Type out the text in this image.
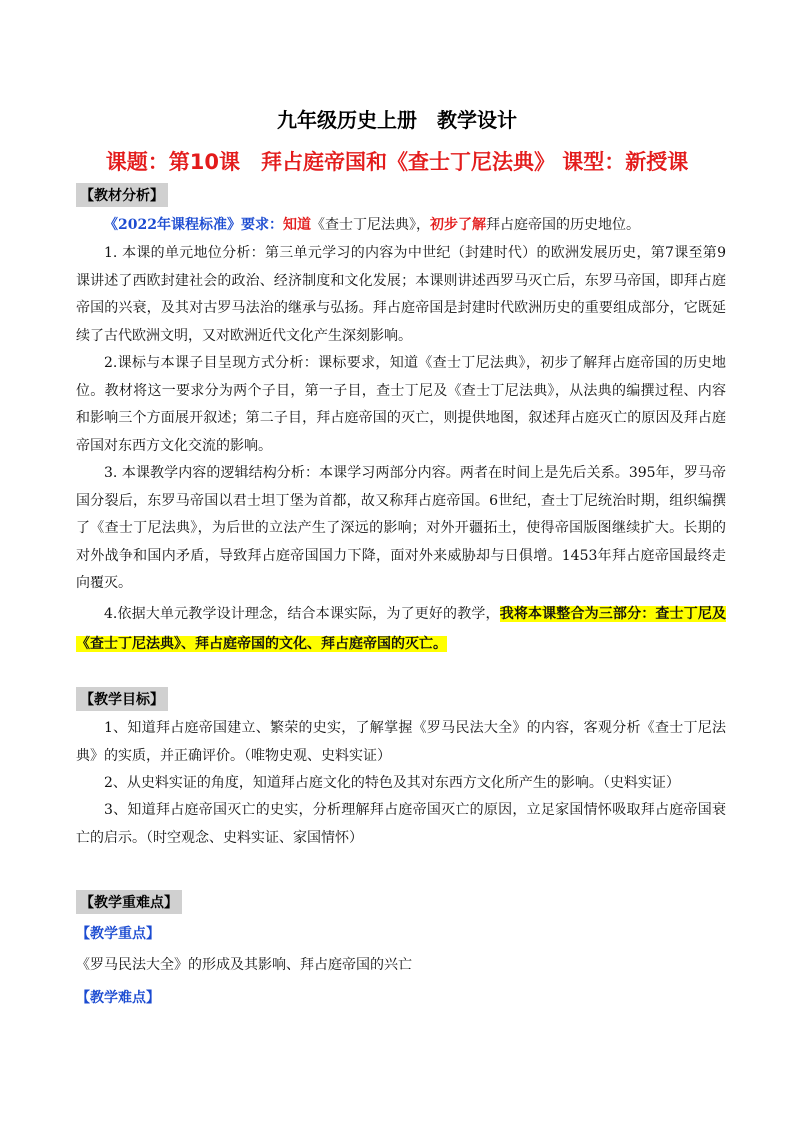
九年级历史上册　教学设计
课题：第10课　拜占庭帝国和《查士丁尼法典》 课型：新授课
【教材分析】
《2022年课程标准》要求：知道《查士丁尼法典》，初步了解拜占庭帝国的历史地位。
1. 本课的单元地位分析：第三单元学习的内容为中世纪（封建时代）的欧洲发展历史，第7课至第9课讲述了西欧封建社会的政治、经济制度和文化发展；本课则讲述西罗马灭亡后，东罗马帝国，即拜占庭帝国的兴衰，及其对古罗马法治的继承与弘扬。拜占庭帝国是封建时代欧洲历史的重要组成部分，它既延续了古代欧洲文明，又对欧洲近代文化产生深刻影响。
2.课标与本课子目呈现方式分析：课标要求，知道《查士丁尼法典》，初步了解拜占庭帝国的历史地位。教材将这一要求分为两个子目，第一子目，查士丁尼及《查士丁尼法典》，从法典的编撰过程、内容和影响三个方面展开叙述；第二子目，拜占庭帝国的灭亡，则提供地图，叙述拜占庭灭亡的原因及拜占庭帝国对东西方文化交流的影响。
3. 本课教学内容的逻辑结构分析：本课学习两部分内容。两者在时间上是先后关系。395年，罗马帝国分裂后，东罗马帝国以君士坦丁堡为首都，故又称拜占庭帝国。6世纪，查士丁尼统治时期，组织编撰了《查士丁尼法典》，为后世的立法产生了深远的影响；对外开疆拓土，使得帝国版图继续扩大。长期的对外战争和国内矛盾，导致拜占庭帝国国力下降，面对外来威胁却与日俱增。1453年拜占庭帝国最终走向覆灭。
4.依据大单元教学设计理念，结合本课实际，为了更好的教学，我将本课整合为三部分：查士丁尼及《查士丁尼法典》、拜占庭帝国的文化、拜占庭帝国的灭亡。
【教学目标】
1、知道拜占庭帝国建立、繁荣的史实，了解掌握《罗马民法大全》的内容，客观分析《查士丁尼法典》的实质，并正确评价。（唯物史观、史料实证）
2、从史料实证的角度，知道拜占庭文化的特色及其对东西方文化所产生的影响。（史料实证）
3、知道拜占庭帝国灭亡的史实，分析理解拜占庭帝国灭亡的原因，立足家国情怀吸取拜占庭帝国衰亡的启示。（时空观念、史料实证、家国情怀）
【教学重难点】
【教学重点】
《罗马民法大全》的形成及其影响、拜占庭帝国的兴亡
【教学难点】
